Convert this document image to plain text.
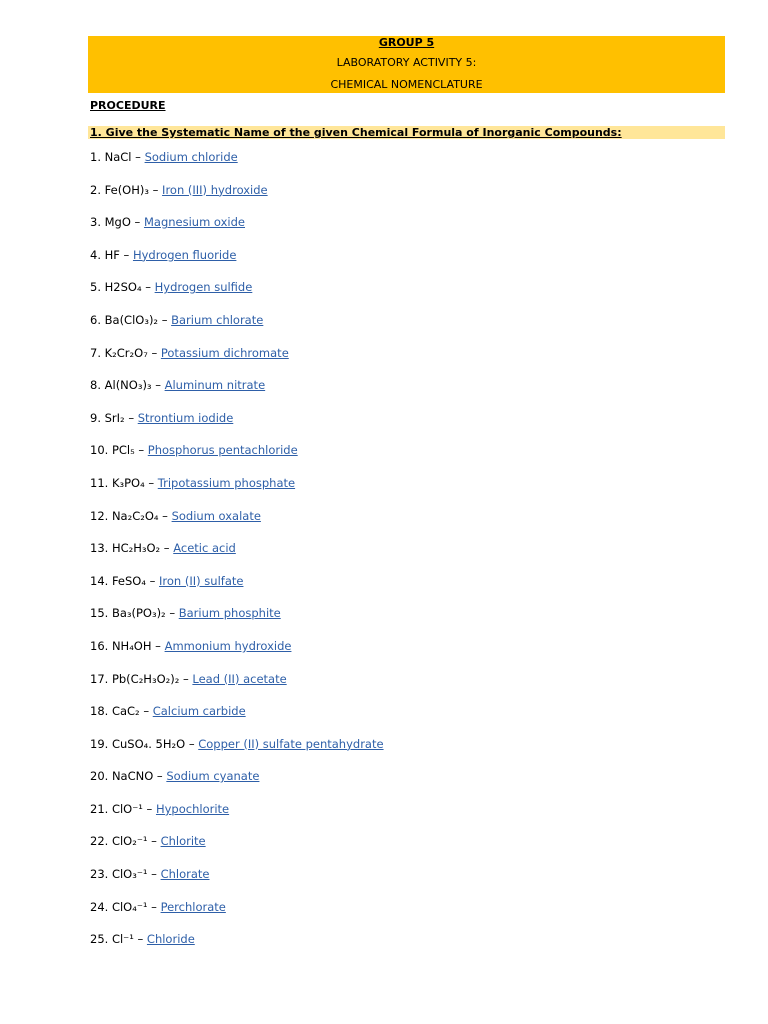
GROUP 5
LABORATORY ACTIVITY 5:
CHEMICAL NOMENCLATURE
PROCEDURE
1. Give the Systematic Name of the given Chemical Formula of Inorganic Compounds:
1. NaCl – Sodium chloride
2. Fe(OH)₃ – Iron (III) hydroxide
3. MgO – Magnesium oxide
4. HF – Hydrogen fluoride
5. H2SO₄ – Hydrogen sulfide
6. Ba(ClO₃)₂ – Barium chlorate
7. K₂Cr₂O₇ – Potassium dichromate
8. Al(NO₃)₃ – Aluminum nitrate
9. SrI₂ – Strontium iodide
10. PCl₅ – Phosphorus pentachloride
11. K₃PO₄ – Tripotassium phosphate
12. Na₂C₂O₄ – Sodium oxalate
13. HC₂H₃O₂ – Acetic acid
14. FeSO₄ – Iron (II) sulfate
15. Ba₃(PO₃)₂ – Barium phosphite
16. NH₄OH – Ammonium hydroxide
17. Pb(C₂H₃O₂)₂ – Lead (II) acetate
18. CaC₂ – Calcium carbide
19. CuSO₄. 5H₂O – Copper (II) sulfate pentahydrate
20. NaCNO – Sodium cyanate
21. ClO⁻¹ – Hypochlorite
22. ClO₂⁻¹ – Chlorite
23. ClO₃⁻¹ – Chlorate
24. ClO₄⁻¹ – Perchlorate
25. Cl⁻¹ – Chloride
